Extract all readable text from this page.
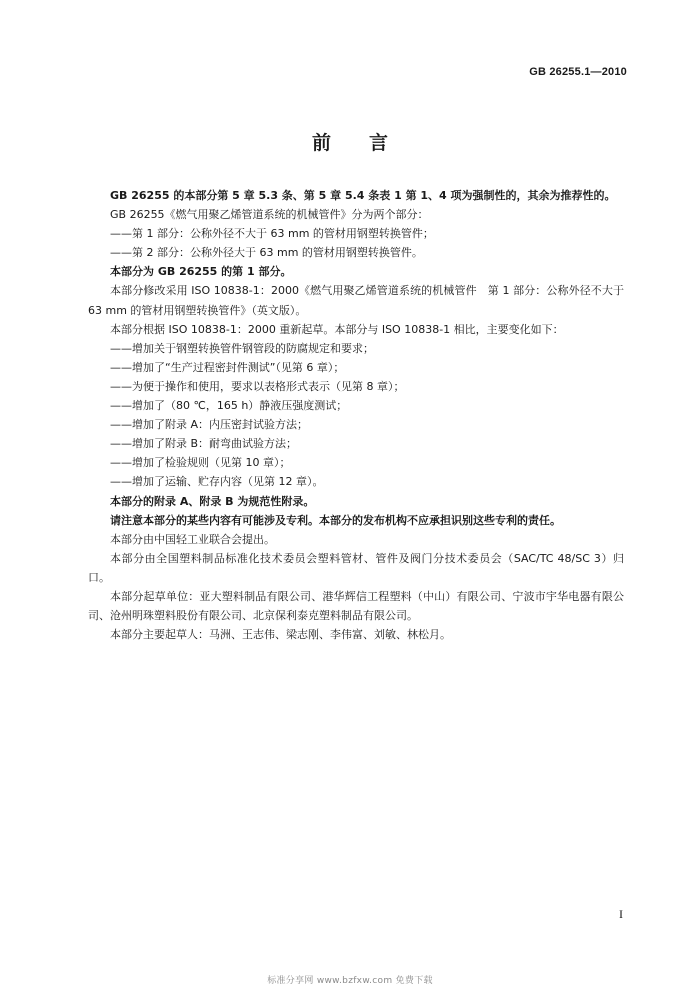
GB 26255.1—2010
前言

GB 26255 的本部分第 5 章 5.3 条、第 5 章 5.4 条表 1 第 1、4 项为强制性的，其余为推荐性的。

GB 26255《燃气用聚乙烯管道系统的机械管件》分为两个部分：

——第 1 部分：公称外径不大于 63 mm 的管材用钢塑转换管件；

——第 2 部分：公称外径大于 63 mm 的管材用钢塑转换管件。

本部分为 GB 26255 的第 1 部分。

本部分修改采用 ISO 10838-1：2000《燃气用聚乙烯管道系统的机械管件　第 1 部分：公称外径不大于 63 mm 的管材用钢塑转换管件》（英文版）。

本部分根据 ISO 10838-1：2000 重新起草。本部分与 ISO 10838-1 相比，主要变化如下：

——增加关于钢塑转换管件钢管段的防腐规定和要求；

——增加了“生产过程密封件测试”（见第 6 章）；

——为便于操作和使用，要求以表格形式表示（见第 8 章）；

——增加了（80 ℃，165 h）静液压强度测试；

——增加了附录 A：内压密封试验方法；

——增加了附录 B：耐弯曲试验方法；

——增加了检验规则（见第 10 章）；

——增加了运输、贮存内容（见第 12 章）。

本部分的附录 A、附录 B 为规范性附录。

请注意本部分的某些内容有可能涉及专利。本部分的发布机构不应承担识别这些专利的责任。

本部分由中国轻工业联合会提出。

本部分由全国塑料制品标准化技术委员会塑料管材、管件及阀门分技术委员会（SAC/TC 48/SC 3）归口。

本部分起草单位：亚大塑料制品有限公司、港华辉信工程塑料（中山）有限公司、宁波市宇华电器有限公司、沧州明珠塑料股份有限公司、北京保利泰克塑料制品有限公司。

本部分主要起草人：马洲、王志伟、梁志刚、李伟富、刘敏、林松月。

I
标准分享网 www.bzfxw.com 免费下载
